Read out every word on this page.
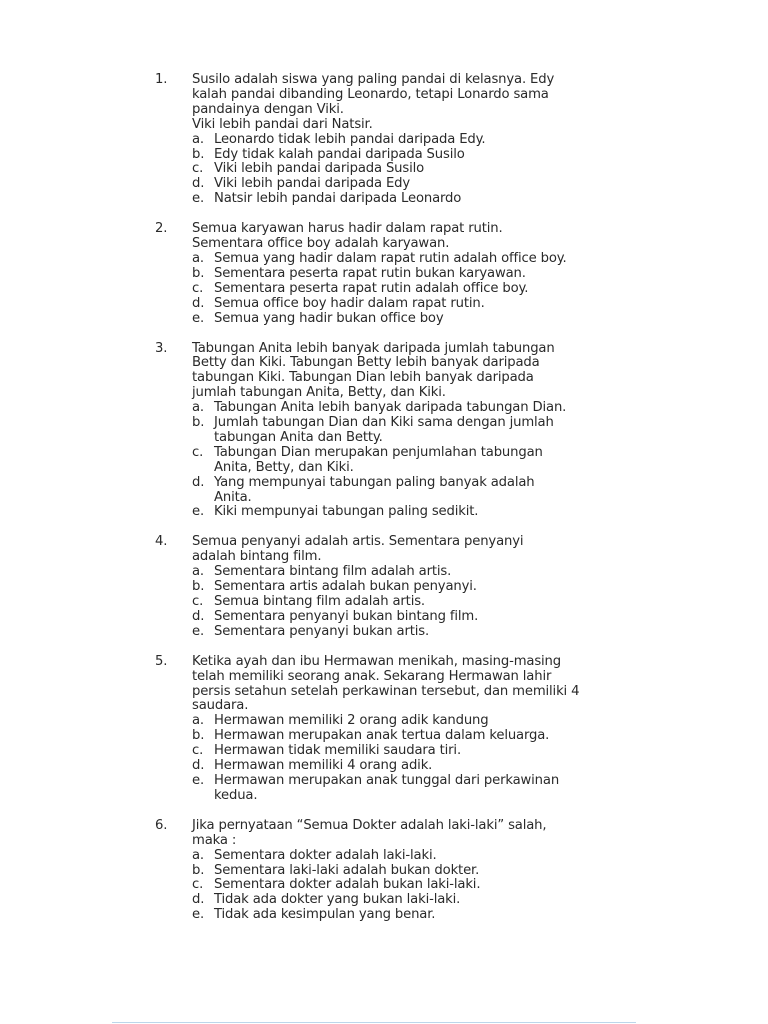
1.	Susilo adalah siswa yang paling pandai di kelasnya. Edy
kalah pandai dibanding Leonardo, tetapi Lonardo sama
pandainya dengan Viki.
Viki lebih pandai dari Natsir.
a. Leonardo tidak lebih pandai daripada Edy.
b. Edy tidak kalah pandai daripada Susilo
c. Viki lebih pandai daripada Susilo
d. Viki lebih pandai daripada Edy
e. Natsir lebih pandai daripada Leonardo
2.	Semua karyawan harus hadir dalam rapat rutin.
Sementara office boy adalah karyawan.
a. Semua yang hadir dalam rapat rutin adalah office boy.
b. Sementara peserta rapat rutin bukan karyawan.
c. Sementara peserta rapat rutin adalah office boy.
d. Semua office boy hadir dalam rapat rutin.
e. Semua yang hadir bukan office boy
3.	Tabungan Anita lebih banyak daripada jumlah tabungan
Betty dan Kiki. Tabungan Betty lebih banyak daripada
tabungan Kiki. Tabungan Dian lebih banyak daripada
jumlah tabungan Anita, Betty, dan Kiki.
a. Tabungan Anita lebih banyak daripada tabungan Dian.
b. Jumlah tabungan Dian dan Kiki sama dengan jumlah
tabungan Anita dan Betty.
c. Tabungan Dian merupakan penjumlahan tabungan
Anita, Betty, dan Kiki.
d. Yang mempunyai tabungan paling banyak adalah
Anita.
e. Kiki mempunyai tabungan paling sedikit.
4.	Semua penyanyi adalah artis. Sementara penyanyi
adalah bintang film.
a. Sementara bintang film adalah artis.
b. Sementara artis adalah bukan penyanyi.
c. Semua bintang film adalah artis.
d. Sementara penyanyi bukan bintang film.
e. Sementara penyanyi bukan artis.
5.	Ketika ayah dan ibu Hermawan menikah, masing-masing
telah memiliki seorang anak. Sekarang Hermawan lahir
persis setahun setelah perkawinan tersebut, dan memiliki 4
saudara.
a. Hermawan memiliki 2 orang adik kandung
b. Hermawan merupakan anak tertua dalam keluarga.
c. Hermawan tidak memiliki saudara tiri.
d. Hermawan memiliki 4 orang adik.
e. Hermawan merupakan anak tunggal dari perkawinan
kedua.
6.	Jika pernyataan “Semua Dokter adalah laki-laki” salah,
maka :
a. Sementara dokter adalah laki-laki.
b. Sementara laki-laki adalah bukan dokter.
c. Sementara dokter adalah bukan laki-laki.
d. Tidak ada dokter yang bukan laki-laki.
e. Tidak ada kesimpulan yang benar.
